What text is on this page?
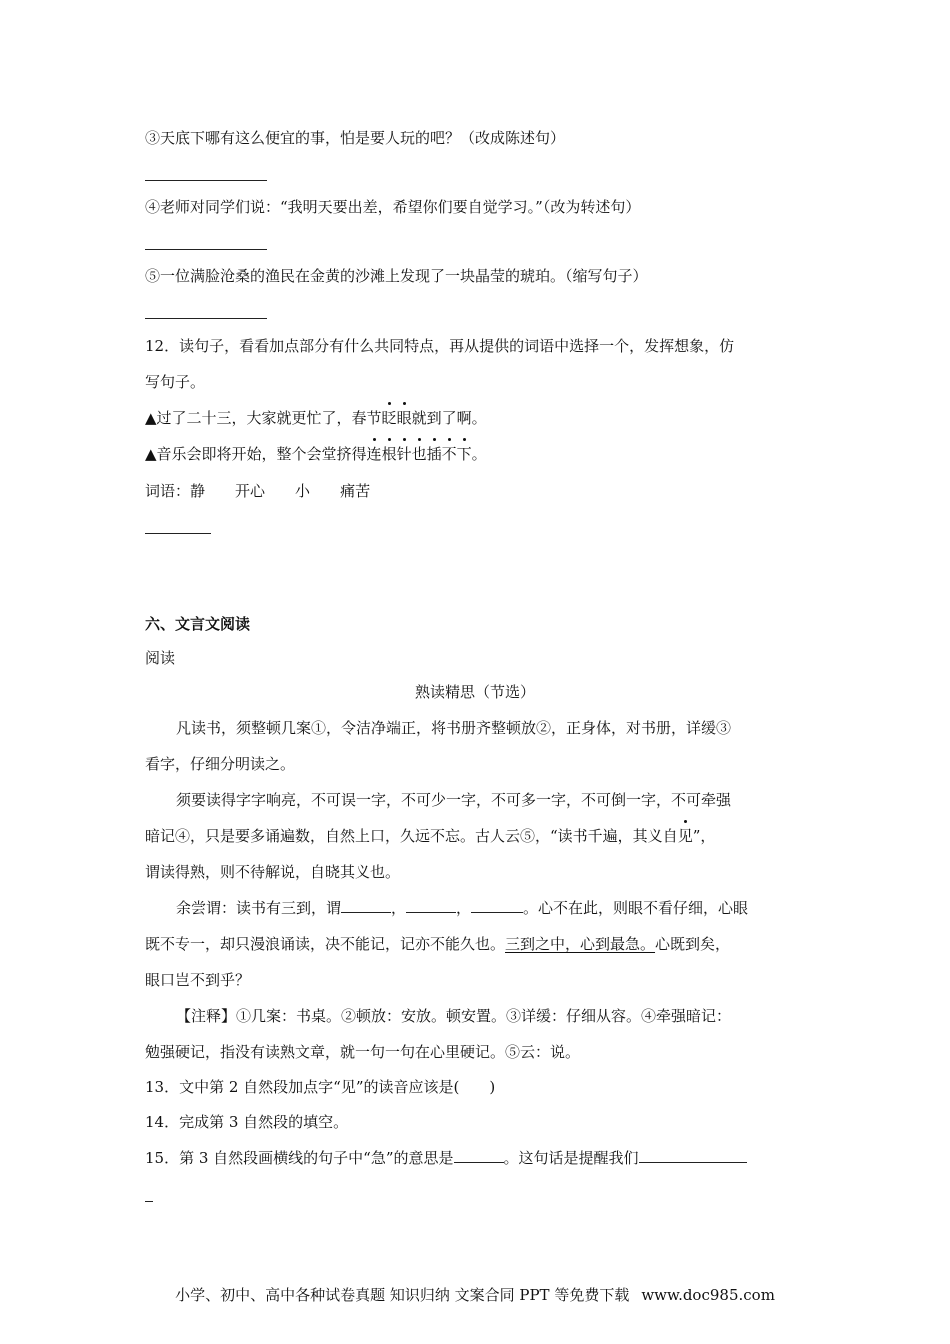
③天底下哪有这么便宜的事，怕是要人玩的吧？（改成陈述句）
④老师对同学们说：“我明天要出差，希望你们要自觉学习。”（改为转述句）
⑤一位满脸沧桑的渔民在金黄的沙滩上发现了一块晶莹的琥珀。（缩写句子）
12．读句子，看看加点部分有什么共同特点，再从提供的词语中选择一个，发挥想象，仿
写句子。
▲过了二十三，大家就更忙了，春节眨眼就到了啊。
▲音乐会即将开始，整个会堂挤得连根针也插不下。
词语：静 开心 小 痛苦
六、文言文阅读
阅读
熟读精思（节选）
凡读书，须整顿几案①，令洁净端正，将书册齐整顿放②，正身体，对书册，详缓③
看字，仔细分明读之。
须要读得字字响亮，不可误一字，不可少一字，不可多一字，不可倒一字，不可牵强
暗记④，只是要多诵遍数，自然上口，久远不忘。古人云⑤，“读书千遍，其义自见”，
谓读得熟，则不待解说，自晓其义也。
余尝谓：读书有三到，谓	，	，	。心不在此，则眼不看仔细，心眼
既不专一，却只漫浪诵读，决不能记，记亦不能久也。三到之中，心到最急。心既到矣，
眼口岂不到乎？
【注释】①几案：书桌。②顿放：安放。顿安置。③详缓：仔细从容。④牵强暗记：
勉强硬记，指没有读熟文章，就一句一句在心里硬记。⑤云：说。
13．文中第 2 自然段加点字“见”的读音应该是(　　)
14．完成第 3 自然段的填空。
15．第 3 自然段画横线的句子中“急”的意思是	。这句话是提醒我们
小学、初中、高中各种试卷真题 知识归纳 文案合同 PPT 等免费下载 www.doc985.com
